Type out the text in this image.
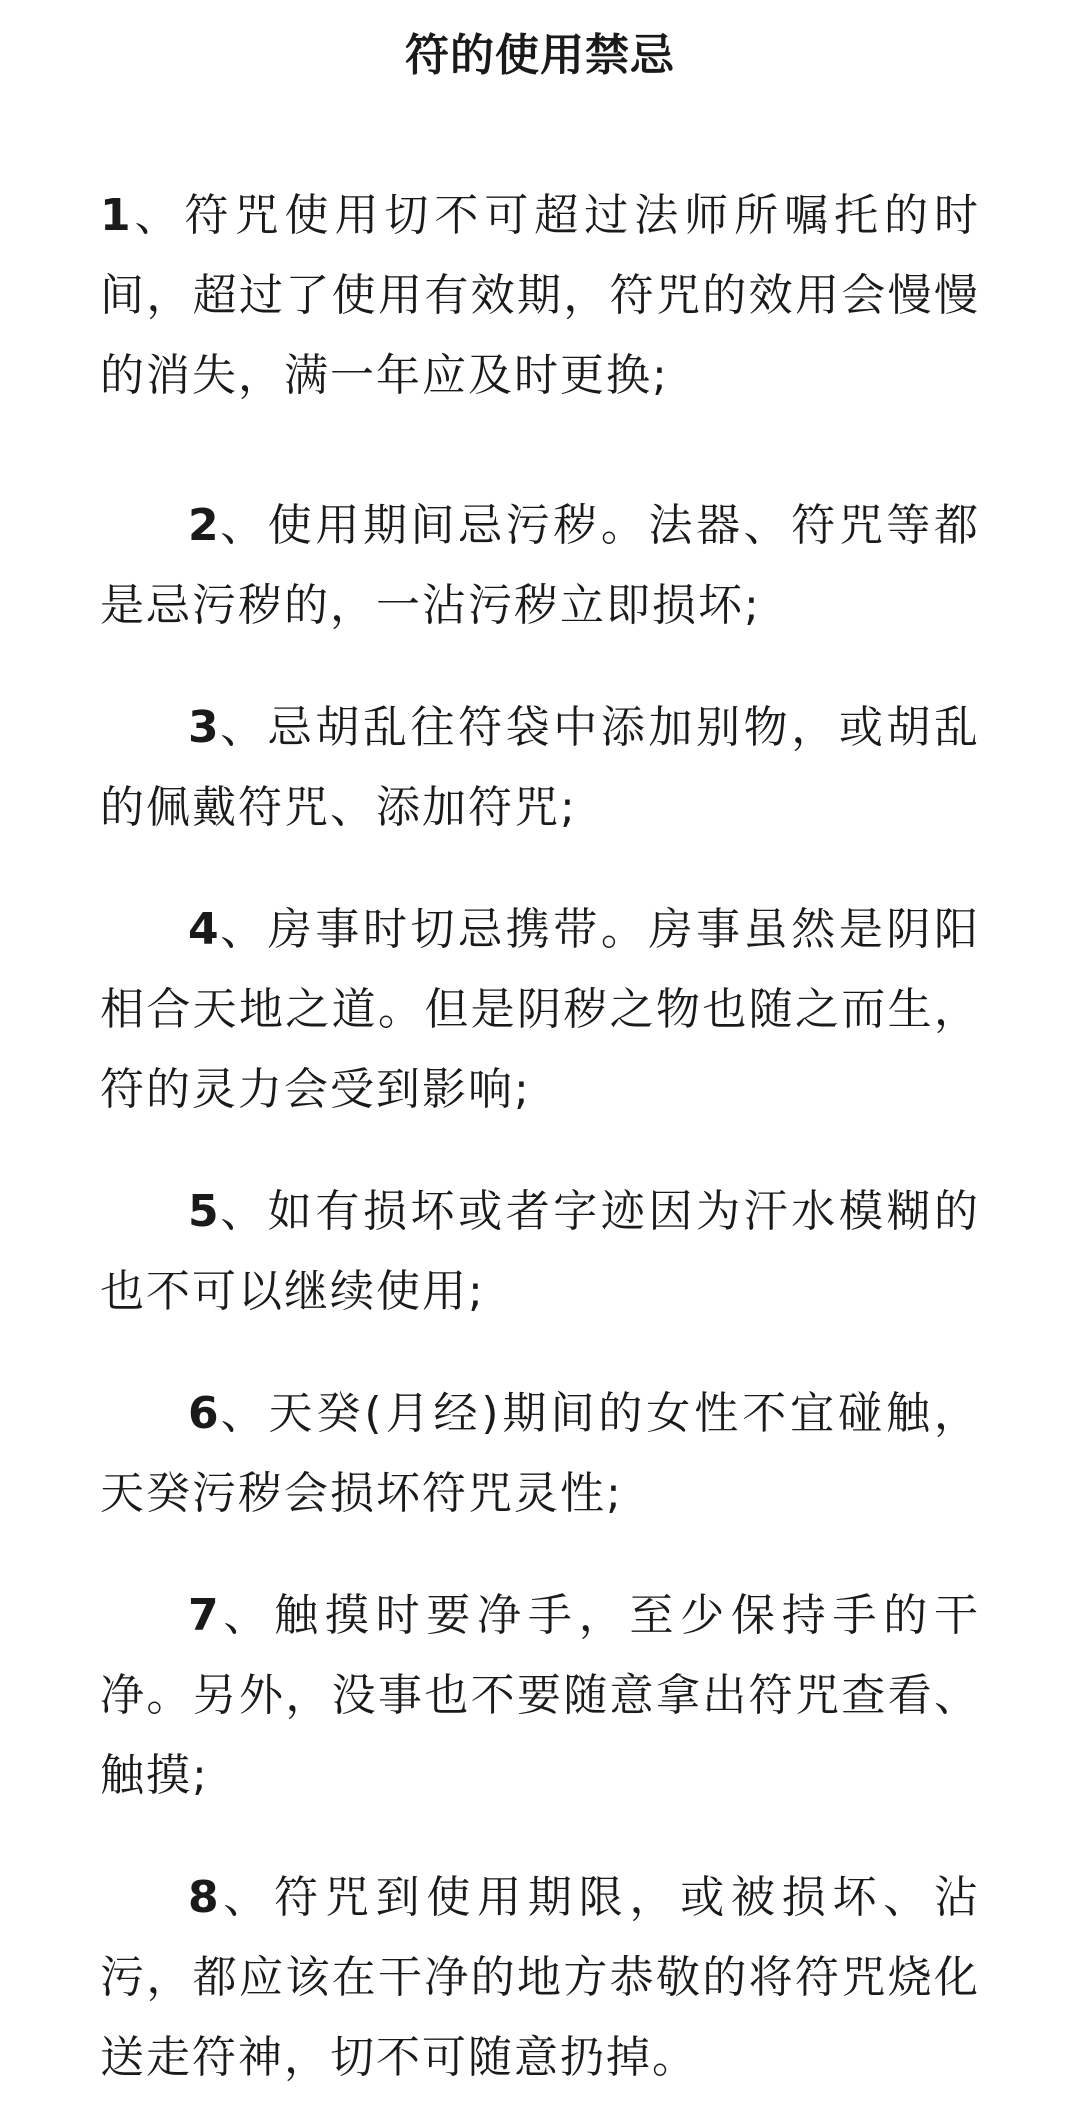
符的使用禁忌

1、符咒使用切不可超过法师所嘱托的时间，超过了使用有效期，符咒的效用会慢慢的消失，满一年应及时更换;

2、使用期间忌污秽。法器、符咒等都是忌污秽的，一沾污秽立即损坏;

3、忌胡乱往符袋中添加别物，或胡乱的佩戴符咒、添加符咒;

4、房事时切忌携带。房事虽然是阴阳相合天地之道。但是阴秽之物也随之而生，符的灵力会受到影响;

5、如有损坏或者字迹因为汗水模糊的也不可以继续使用;

6、天癸(月经)期间的女性不宜碰触，天癸污秽会损坏符咒灵性;

7、触摸时要净手，至少保持手的干净。另外，没事也不要随意拿出符咒查看、触摸;

8、符咒到使用期限，或被损坏、沾污，都应该在干净的地方恭敬的将符咒烧化送走符神，切不可随意扔掉。
